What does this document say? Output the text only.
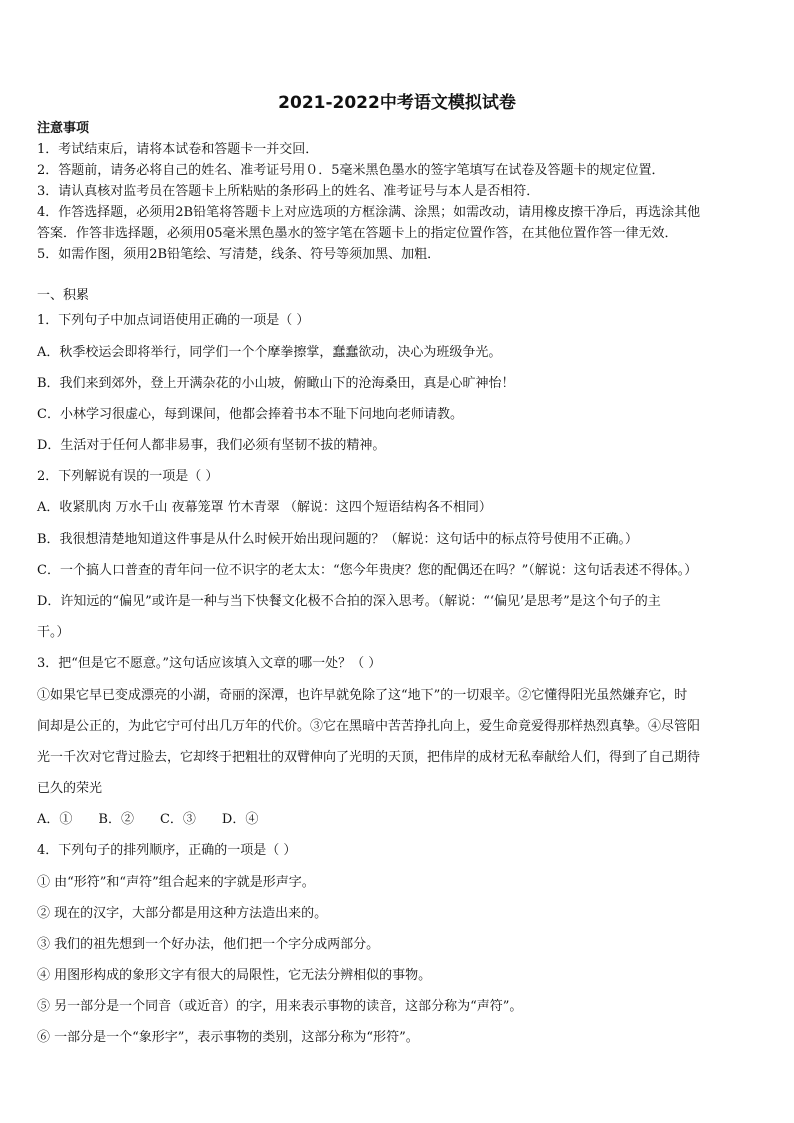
2021-2022中考语文模拟试卷
注意事项
1．考试结束后，请将本试卷和答题卡一并交回．
2．答题前，请务必将自己的姓名、准考证号用０．5毫米黑色墨水的签字笔填写在试卷及答题卡的规定位置．
3．请认真核对监考员在答题卡上所粘贴的条形码上的姓名、准考证号与本人是否相符．
4．作答选择题，必须用2B铅笔将答题卡上对应选项的方框涂满、涂黑；如需改动，请用橡皮擦干净后，再选涂其他
答案．作答非选择题，必须用05毫米黑色墨水的签字笔在答题卡上的指定位置作答，在其他位置作答一律无效．
5．如需作图，须用2B铅笔绘、写清楚，线条、符号等须加黑、加粗．
一、积累
1．下列句子中加点词语使用正确的一项是（ ）
A．秋季校运会即将举行，同学们一个个摩拳擦掌，蠢蠢欲动，决心为班级争光。
B．我们来到郊外，登上开满杂花的小山坡，俯瞰山下的沧海桑田，真是心旷神怡！
C．小林学习很虚心，每到课间，他都会捧着书本不耻下问地向老师请教。
D．生活对于任何人都非易事，我们必须有坚韧不拔的精神。
2．下列解说有误的一项是（ ）
A．收紧肌肉 万水千山 夜幕笼罩 竹木青翠 （解说：这四个短语结构各不相同）
B．我很想清楚地知道这件事是从什么时候开始出现问题的？（解说：这句话中的标点符号使用不正确。）
C．一个搞人口普查的青年问一位不识字的老太太：“您今年贵庚？您的配偶还在吗？”（解说：这句话表述不得体。）
D．许知远的“偏见”或许是一种与当下快餐文化极不合拍的深入思考。（解说：“‘偏见’是思考”是这个句子的主
干。）
3．把“但是它不愿意。”这句话应该填入文章的哪一处？（ ）
①如果它早已变成漂亮的小湖，奇丽的深潭，也许早就免除了这“地下”的一切艰辛。②它懂得阳光虽然嫌弃它，时
间却是公正的，为此它宁可付出几万年的代价。③它在黑暗中苦苦挣扎向上，爱生命竟爱得那样热烈真挚。④尽管阳
光一千次对它背过脸去，它却终于把粗壮的双臂伸向了光明的天顶，把伟岸的成材无私奉献给人们，得到了自己期待
已久的荣光
A．① B．② C．③ D．④
4．下列句子的排列顺序，正确的一项是（ ）
① 由“形符”和“声符”组合起来的字就是形声字。
② 现在的汉字，大部分都是用这种方法造出来的。
③ 我们的祖先想到一个好办法，他们把一个字分成两部分。
④ 用图形构成的象形文字有很大的局限性，它无法分辨相似的事物。
⑤ 另一部分是一个同音（或近音）的字，用来表示事物的读音，这部分称为“声符”。
⑥ 一部分是一个“象形字”，表示事物的类别，这部分称为“形符”。
